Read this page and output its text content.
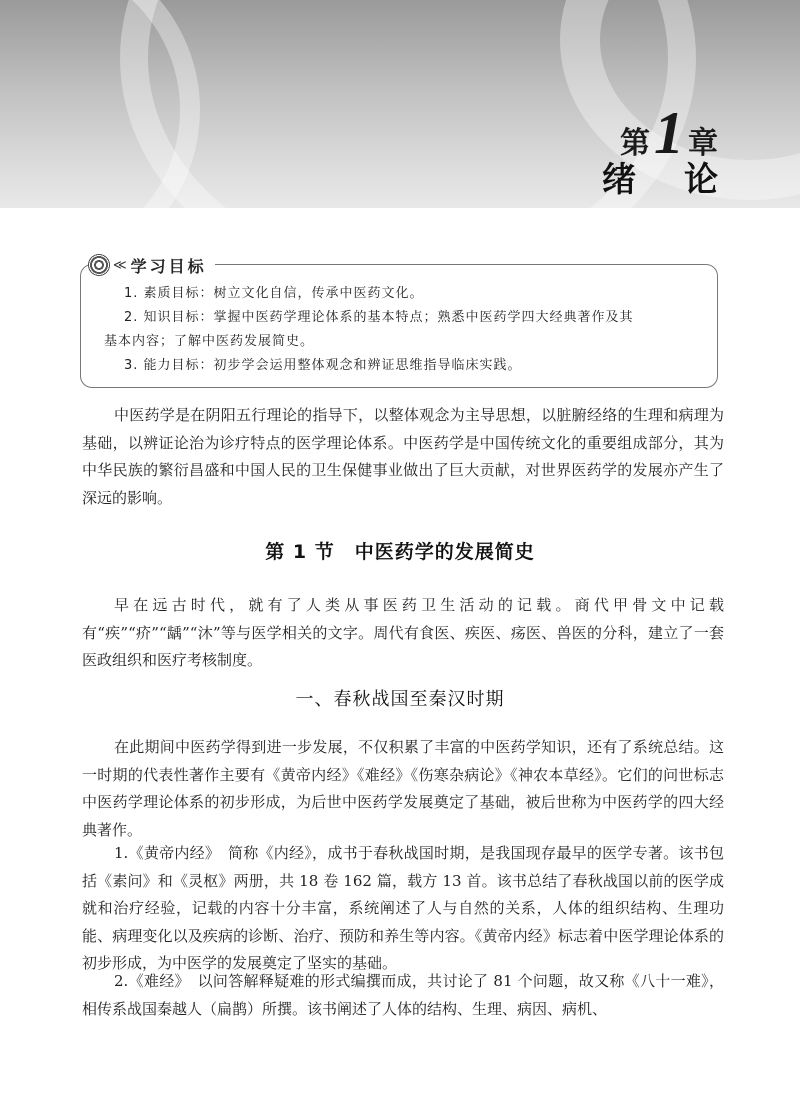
第 1 章
绪论
≪ 学习目标

1. 素质目标：树立文化自信，传承中医药文化。

2. 知识目标：掌握中医药学理论体系的基本特点；熟悉中医药学四大经典著作及其

基本内容；了解中医药发展简史。

3. 能力目标：初步学会运用整体观念和辨证思维指导临床实践。

中医药学是在阴阳五行理论的指导下，以整体观念为主导思想，以脏腑经络的生理和病理为基础，以辨证论治为诊疗特点的医学理论体系。中医药学是中国传统文化的重要组成部分，其为中华民族的繁衍昌盛和中国人民的卫生保健事业做出了巨大贡献，对世界医药学的发展亦产生了深远的影响。

第 1 节　中医药学的发展简史

早在远古时代，就有了人类从事医药卫生活动的记载。商代甲骨文中记载有“疾”“疥”“龋”“沐”等与医学相关的文字。周代有食医、疾医、疡医、兽医的分科，建立了一套医政组织和医疗考核制度。

一、春秋战国至秦汉时期

在此期间中医药学得到进一步发展，不仅积累了丰富的中医药学知识，还有了系统总结。这一时期的代表性著作主要有《黄帝内经》《难经》《伤寒杂病论》《神农本草经》。它们的问世标志中医药学理论体系的初步形成，为后世中医药学发展奠定了基础，被后世称为中医药学的四大经典著作。

1.《黄帝内经》　简称《内经》，成书于春秋战国时期，是我国现存最早的医学专著。该书包括《素问》和《灵枢》两册，共 18 卷 162 篇，载方 13 首。该书总结了春秋战国以前的医学成就和治疗经验，记载的内容十分丰富，系统阐述了人与自然的关系，人体的组织结构、生理功能、病理变化以及疾病的诊断、治疗、预防和养生等内容。《黄帝内经》标志着中医学理论体系的初步形成，为中医学的发展奠定了坚实的基础。

2.《难经》　以问答解释疑难的形式编撰而成，共讨论了 81 个问题，故又称《八十一难》，相传系战国秦越人（扁鹊）所撰。该书阐述了人体的结构、生理、病因、病机、
